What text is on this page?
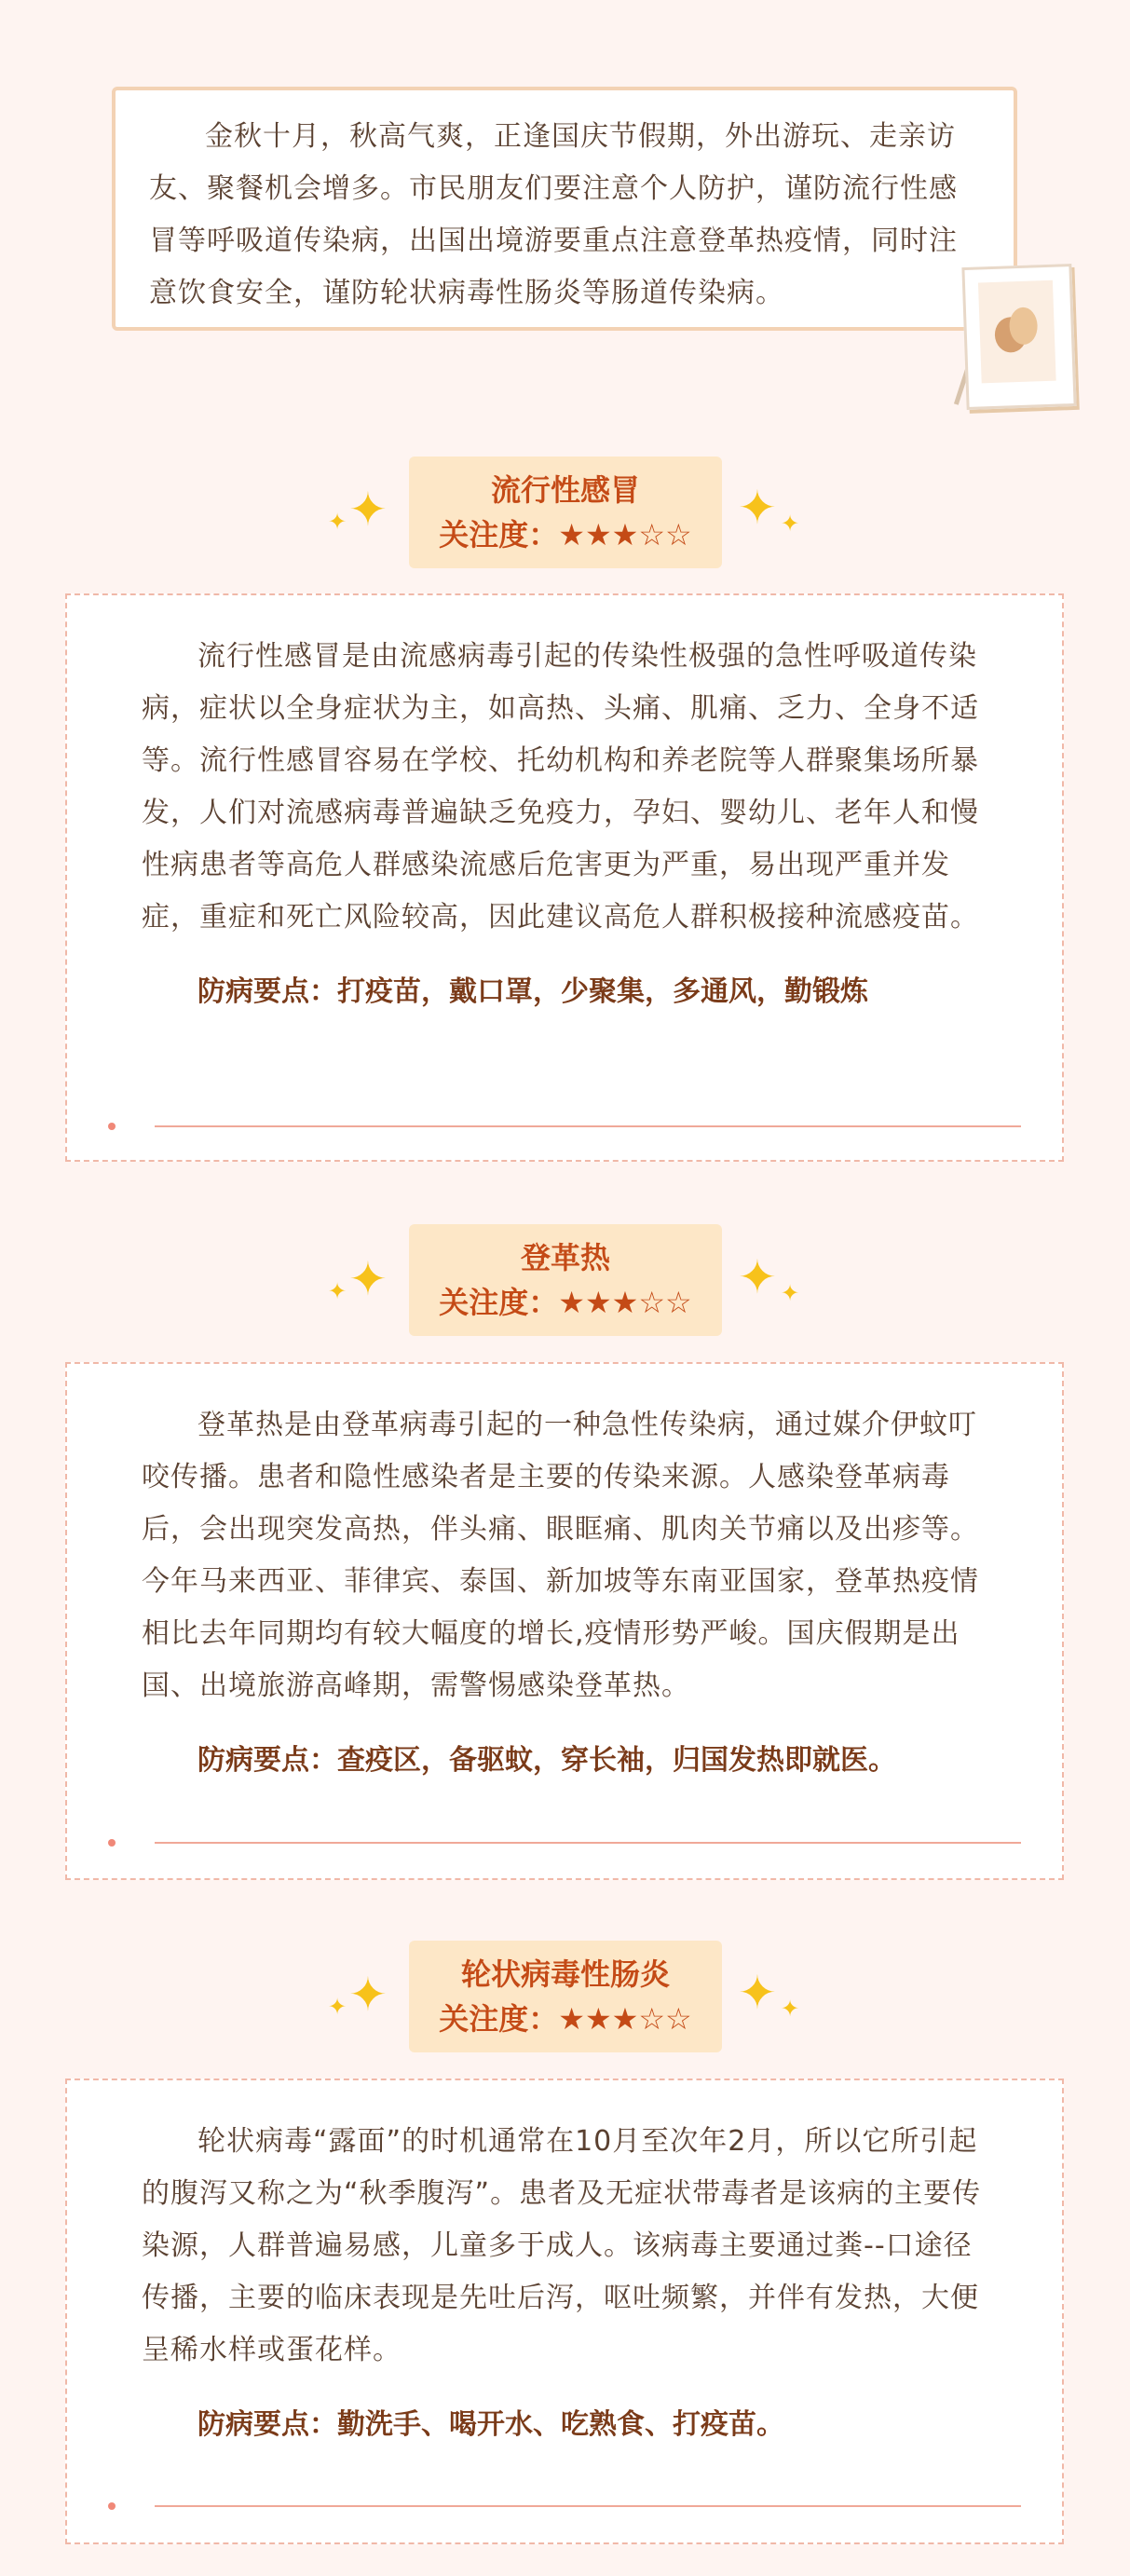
金秋十月，秋高气爽，正逢国庆节假期，外出游玩、走亲访友、聚餐机会增多。市民朋友们要注意个人防护，谨防流行性感冒等呼吸道传染病，出国出境游要重点注意登革热疫情，同时注意饮食安全，谨防轮状病毒性肠炎等肠道传染病。

✦ ✦	流行性感冒
关注度：★★★☆☆ ✦ ✦

流行性感冒是由流感病毒引起的传染性极强的急性呼吸道传染病，症状以全身症状为主，如高热、头痛、肌痛、乏力、全身不适等。流行性感冒容易在学校、托幼机构和养老院等人群聚集场所暴发，人们对流感病毒普遍缺乏免疫力，孕妇、婴幼儿、老年人和慢性病患者等高危人群感染流感后危害更为严重，易出现严重并发症，重症和死亡风险较高，因此建议高危人群积极接种流感疫苗。

防病要点：打疫苗，戴口罩，少聚集，多通风，勤锻炼

✦ ✦	登革热
关注度：★★★☆☆ ✦ ✦

登革热是由登革病毒引起的一种急性传染病，通过媒介伊蚊叮咬传播。患者和隐性感染者是主要的传染来源。人感染登革病毒后，会出现突发高热，伴头痛、眼眶痛、肌肉关节痛以及出疹等。今年马来西亚、菲律宾、泰国、新加坡等东南亚国家，登革热疫情相比去年同期均有较大幅度的增长,疫情形势严峻。国庆假期是出国、出境旅游高峰期，需警惕感染登革热。

防病要点：查疫区，备驱蚊，穿长袖，归国发热即就医。

✦ ✦	轮状病毒性肠炎
关注度：★★★☆☆ ✦ ✦

轮状病毒“露面”的时机通常在10月至次年2月，所以它所引起的腹泻又称之为“秋季腹泻”。患者及无症状带毒者是该病的主要传染源，人群普遍易感，儿童多于成人。该病毒主要通过粪--口途径传播，主要的临床表现是先吐后泻，呕吐频繁，并伴有发热，大便呈稀水样或蛋花样。

防病要点：勤洗手、喝开水、吃熟食、打疫苗。
